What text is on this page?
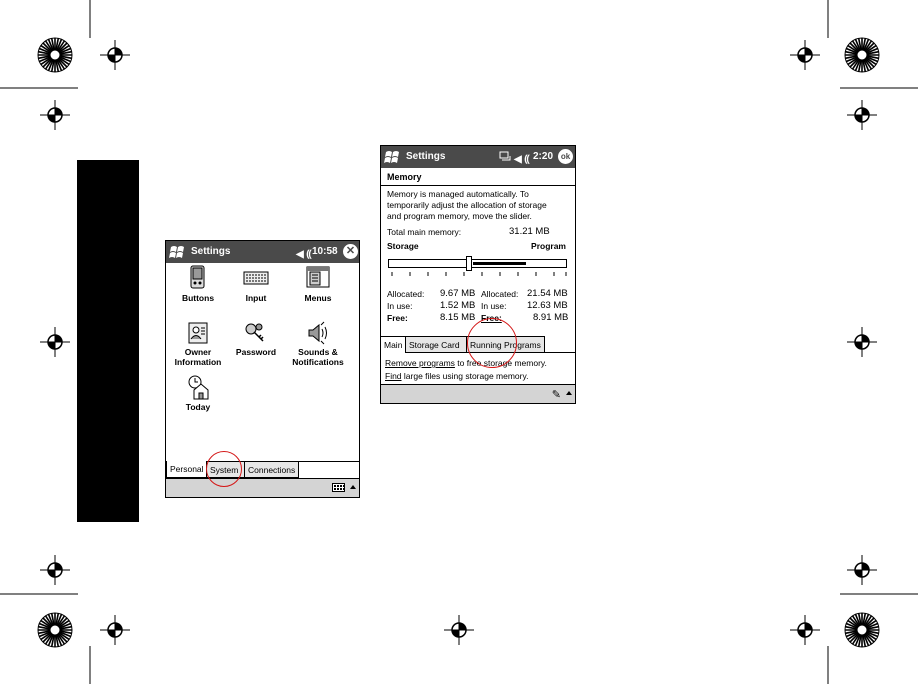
Settings	◀ ⸨ 10:58 ✕
Buttons	Input	Menus
Owner
Information
Password	Sounds &
Notifications
Today
Personal System	Connections
Settings	◀ ⸨ 2:20 ok
Memory
Memory is managed automatically. To
temporarily adjust the allocation of storage
and program memory, move the slider.
Total main memory:	31.21 MB
Storage	Program
Allocated: 9.67 MB
In use:	1.52 MB
Free:	8.15 MB
Allocated: 21.54 MB
In use: 12.63 MB
Free:	8.91 MB
Main Storage Card	Running Programs
Remove programs to free storage memory.
Find large files using storage memory.
✎
